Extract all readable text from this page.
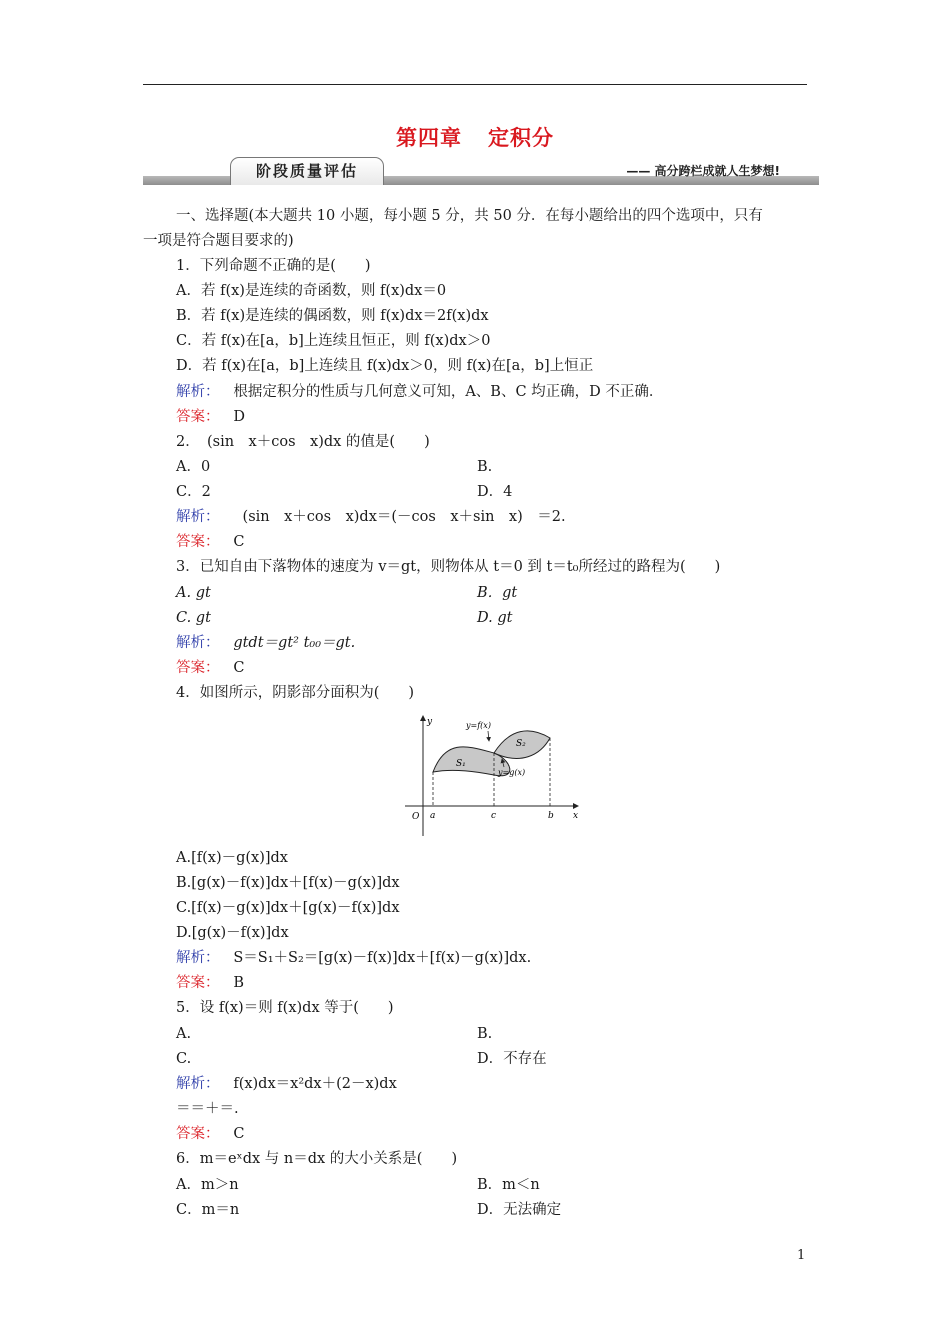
第四章 定积分
阶段质量评估	—— 高分跨栏成就人生梦想!
一、选择题(本大题共 10 小题，每小题 5 分，共 50 分．在每小题给出的四个选项中，只有
一项是符合题目要求的)
1．下列命题不正确的是(　　)
A．若 f(x)是连续的奇函数，则 f(x)dx＝0
B．若 f(x)是连续的偶函数，则 f(x)dx＝2f(x)dx
C．若 f(x)在[a，b]上连续且恒正，则 f(x)dx＞0
D．若 f(x)在[a，b]上连续且 f(x)dx＞0，则 f(x)在[a，b]上恒正
解析： 根据定积分的性质与几何意义可知，A、B、C 均正确，D 不正确．
答案： D
2．　(sin　x＋cos　x)dx 的值是(　　)
A．0	B.
C．2	D．4
解析： (sin　x＋cos　x)dx＝(－cos　x＋sin　x)　＝2.
答案： C
3．已知自由下落物体的速度为 v＝gt，则物体从 t＝0 到 t＝t₀所经过的路程为(　　)
A. gt	B．gt
C. gt	D. gt
解析： gtdt＝gt² t₀₀＝gt.
答案： C
4．如图所示，阴影部分面积为(　　)
y
x
O a	c	b
y=f(x)
y=g(x)
S₁
S₂
A.[f(x)－g(x)]dx
B.[g(x)－f(x)]dx＋[f(x)－g(x)]dx
C.[f(x)－g(x)]dx＋[g(x)－f(x)]dx
D.[g(x)－f(x)]dx
解析： S＝S₁＋S₂＝[g(x)－f(x)]dx＋[f(x)－g(x)]dx.
答案： B
5．设 f(x)＝则 f(x)dx 等于(　　)
A.	B.
C.	D．不存在
解析： f(x)dx＝x²dx＋(2－x)dx
＝＝＋＝.
答案： C
6．m＝eˣdx 与 n＝dx 的大小关系是(　　)
A．m＞n	B．m＜n
C．m＝n	D．无法确定
1
